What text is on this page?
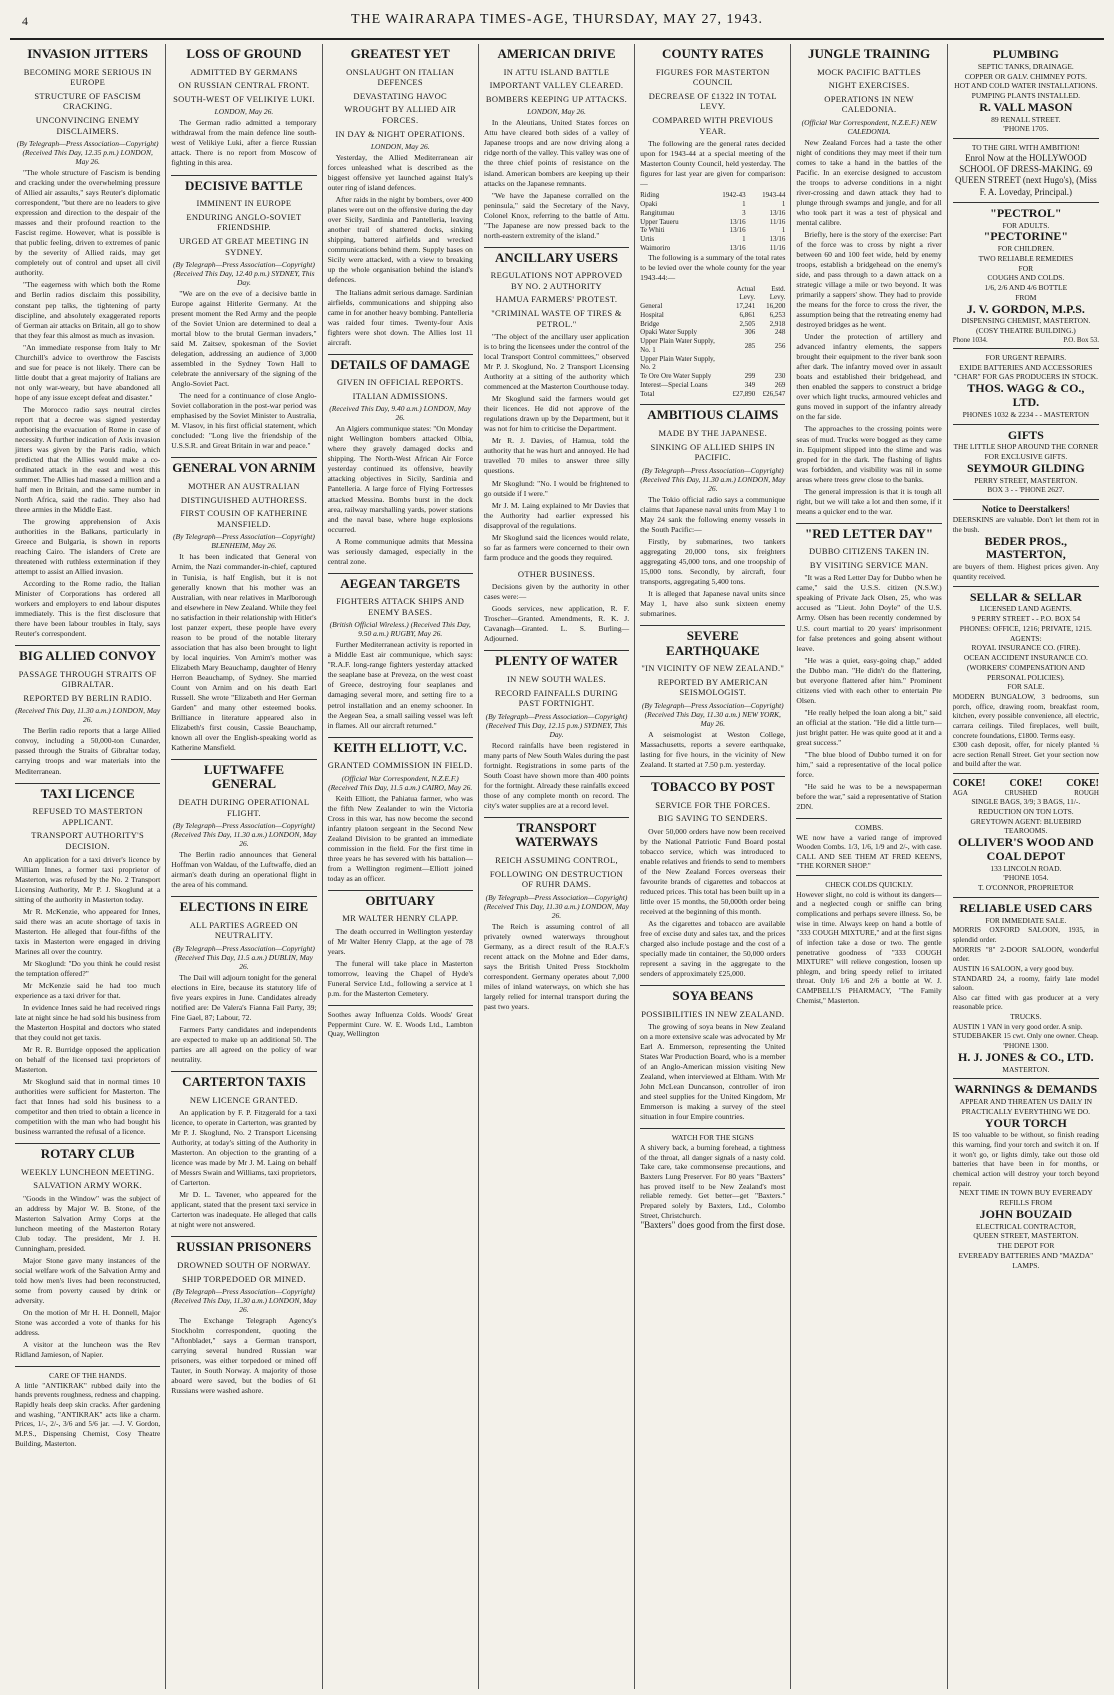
4	THE WAIRARAPA TIMES-AGE, THURSDAY, MAY 27, 1943.
INVASION JITTERS
BECOMING MORE SERIOUS IN EUROPE
STRUCTURE OF FASCISM CRACKING.
UNCONVINCING ENEMY DISCLAIMERS.
(By Telegraph—Press Association—Copyright) (Received This Day, 12.35 p.m.) LONDON, May 26.

"The whole structure of Fascism is bending and cracking under the overwhelming pressure of Allied air assaults," says Reuter's diplomatic correspondent, "but there are no leaders to give expression and direction to the despair of the masses and their profound reaction to the Fascist regime. However, what is possible is that public feeling, driven to extremes of panic by the severity of Allied raids, may get completely out of control and upset all civil authority.

"The eagerness with which both the Rome and Berlin radios disclaim this possibility, constant pep talks, the tightening of party discipline, and absolutely exaggerated reports of German air attacks on Britain, all go to show that they fear this almost as much as invasion.

"An immediate response from Italy to Mr Churchill's advice to overthrow the Fascists and sue for peace is not likely. There can be little doubt that a great majority of Italians are not only war-weary, but have abandoned all hope of any issue except defeat and disaster."

The Morocco radio says neutral circles report that a decree was signed yesterday authorising the evacuation of Rome in case of necessity. A further indication of Axis invasion jitters was given by the Paris radio, which predicted that the Allies would make a co-ordinated attack in the east and west this summer. The Allies had massed a million and a half men in Britain, and the same number in North Africa, said the radio. They also had three armies in the Middle East.

The growing apprehension of Axis authorities in the Balkans, particularly in Greece and Bulgaria, is shown in reports reaching Cairo. The islanders of Crete are threatened with ruthless extermination if they attempt to assist an Allied invasion.

According to the Rome radio, the Italian Minister of Corporations has ordered all workers and employers to end labour disputes immediately. This is the first disclosure that there have been labour troubles in Italy, says Reuter's correspondent.

BIG ALLIED CONVOY
PASSAGE THROUGH STRAITS OF GIBRALTAR.
REPORTED BY BERLIN RADIO.
(Received This Day, 11.30 a.m.) LONDON, May 26.

The Berlin radio reports that a large Allied convoy, including a 50,000-ton Cunarder, passed through the Straits of Gibraltar today, carrying troops and war materials into the Mediterranean.

TAXI LICENCE
REFUSED TO MASTERTON APPLICANT.
TRANSPORT AUTHORITY'S DECISION.

An application for a taxi driver's licence by William Innes, a former taxi proprietor of Masterton, was refused by the No. 2 Transport Licensing Authority, Mr P. J. Skoglund at a sitting of the authority in Masterton today.

Mr R. McKenzie, who appeared for Innes, said there was an acute shortage of taxis in Masterton. He alleged that four-fifths of the taxis in Masterton were engaged in driving Marines all over the country.

Mr Skoglund: "Do you think he could resist the temptation offered?"

Mr McKenzie said he had too much experience as a taxi driver for that.

In evidence Innes said he had received rings late at night since he had sold his business from the Masterton Hospital and doctors who stated that they could not get taxis.

Mr R. R. Burridge opposed the application on behalf of the licensed taxi proprietors of Masterton.

Mr Skoglund said that in normal times 10 authorities were sufficient for Masterton. The fact that Innes had sold his business to a competitor and then tried to obtain a licence in competition with the man who had bought his business warranted the refusal of a licence.

ROTARY CLUB
WEEKLY LUNCHEON MEETING.
SALVATION ARMY WORK.

"Goods in the Window" was the subject of an address by Major W. B. Stone, of the Masterton Salvation Army Corps at the luncheon meeting of the Masterton Rotary Club today. The president, Mr J. H. Cunningham, presided.

Major Stone gave many instances of the social welfare work of the Salvation Army and told how men's lives had been reconstructed, some from poverty caused by drink or adversity.

On the motion of Mr H. H. Donnell, Major Stone was accorded a vote of thanks for his address.

A visitor at the luncheon was the Rev Ridland Jamieson, of Napier.

CARE OF THE HANDS.
A little "ANTIKRAK" rubbed daily into the hands prevents roughness, redness and chapping. Rapidly heals deep skin cracks. After gardening and washing, "ANTIKRAK" acts like a charm. Prices, 1/-, 2/-, 3/6 and 5/6 jar. —J. V. Gordon, M.P.S., Dispensing Chemist, Cosy Theatre Building, Masterton.
LOSS OF GROUND
ADMITTED BY GERMANS
ON RUSSIAN CENTRAL FRONT.
SOUTH-WEST OF VELIKIYE LUKI.
LONDON, May 26.

The German radio admitted a temporary withdrawal from the main defence line south-west of Velikiye Luki, after a fierce Russian attack. There is no report from Moscow of fighting in this area.

DECISIVE BATTLE
IMMINENT IN EUROPE
ENDURING ANGLO-SOVIET FRIENDSHIP.
URGED AT GREAT MEETING IN SYDNEY.
(By Telegraph—Press Association—Copyright) (Received This Day, 12.40 p.m.) SYDNEY, This Day.

"We are on the eve of a decisive battle in Europe against Hitlerite Germany. At the present moment the Red Army and the people of the Soviet Union are determined to deal a mortal blow to the brutal German invaders," said M. Zaitsev, spokesman of the Soviet delegation, addressing an audience of 3,000 assembled in the Sydney Town Hall to celebrate the anniversary of the signing of the Anglo-Soviet Pact.

The need for a continuance of close Anglo-Soviet collaboration in the post-war period was emphasised by the Soviet Minister to Australia, M. Vlasov, in his first official statement, which concluded: "Long live the friendship of the U.S.S.R. and Great Britain in war and peace."

GENERAL VON ARNIM
MOTHER AN AUSTRALIAN
DISTINGUISHED AUTHORESS.
FIRST COUSIN OF KATHERINE MANSFIELD.
(By Telegraph—Press Association—Copyright) BLENHEIM, May 26.

It has been indicated that General von Arnim, the Nazi commander-in-chief, captured in Tunisia, is half English, but it is not generally known that his mother was an Australian, with near relatives in Marlborough and elsewhere in New Zealand. While they feel no satisfaction in their relationship with Hitler's lost panzer expert, these people have every reason to be proud of the notable literary association that has also been brought to light by local inquiries. Von Arnim's mother was Elizabeth Mary Beauchamp, daughter of Henry Herron Beauchamp, of Sydney. She married Count von Arnim and on his death Earl Russell. She wrote "Elizabeth and Her German Garden" and many other esteemed books. Brilliance in literature appeared also in Elizabeth's first cousin, Cassie Beauchamp, known all over the English-speaking world as Katherine Mansfield.

LUFTWAFFE GENERAL
DEATH DURING OPERATIONAL FLIGHT.
(By Telegraph—Press Association—Copyright) (Received This Day, 11.30 a.m.) LONDON, May 26.

The Berlin radio announces that General Hoffman von Waldau, of the Luftwaffe, died an airman's death during an operational flight in the area of his command.

ELECTIONS IN EIRE
ALL PARTIES AGREED ON NEUTRALITY.
(By Telegraph—Press Association—Copyright) (Received This Day, 11.5 a.m.) DUBLIN, May 26.

The Dail will adjourn tonight for the general elections in Eire, because its statutory life of five years expires in June. Candidates already notified are: De Valera's Fianna Fail Party, 39; Fine Gael, 87; Labour, 72.

Farmers Party candidates and independents are expected to make up an additional 50. The parties are all agreed on the policy of war neutrality.

CARTERTON TAXIS
NEW LICENCE GRANTED.

An application by F. P. Fitzgerald for a taxi licence, to operate in Carterton, was granted by Mr P. J. Skoglund, No. 2 Transport Licensing Authority, at today's sitting of the Authority in Masterton. An objection to the granting of a licence was made by Mr J. M. Laing on behalf of Messrs Swain and Williams, taxi proprietors, of Carterton.

Mr D. L. Tavener, who appeared for the applicant, stated that the present taxi service in Carterton was inadequate. He alleged that calls at night were not answered.

RUSSIAN PRISONERS
DROWNED SOUTH OF NORWAY.
SHIP TORPEDOED OR MINED.
(By Telegraph—Press Association—Copyright) (Received This Day, 11.30 a.m.) LONDON, May 26.

The Exchange Telegraph Agency's Stockholm correspondent, quoting the "Aftonbladet," says a German transport, carrying several hundred Russian war prisoners, was either torpedoed or mined off Tauter, in South Norway. A majority of those aboard were saved, but the bodies of 61 Russians were washed ashore.

GREATEST YET
ONSLAUGHT ON ITALIAN DEFENCES
DEVASTATING HAVOC
WROUGHT BY ALLIED AIR FORCES.
IN DAY & NIGHT OPERATIONS.
LONDON, May 26.

Yesterday, the Allied Mediterranean air forces unleashed what is described as the biggest offensive yet launched against Italy's outer ring of island defences.

After raids in the night by bombers, over 400 planes were out on the offensive during the day over Sicily, Sardinia and Pantelleria, leaving another trail of shattered docks, sinking shipping, battered airfields and wrecked communications behind them. Supply bases on Sicily were attacked, with a view to breaking up the whole organisation behind the island's defences.

The Italians admit serious damage. Sardinian airfields, communications and shipping also came in for another heavy bombing. Pantelleria was raided four times. Twenty-four Axis fighters were shot down. The Allies lost 11 aircraft.

DETAILS OF DAMAGE
GIVEN IN OFFICIAL REPORTS.
ITALIAN ADMISSIONS.
(Received This Day, 9.40 a.m.) LONDON, May 26.

An Algiers communique states: "On Monday night Wellington bombers attacked Olbia, where they gravely damaged docks and shipping. The North-West African Air Force yesterday continued its offensive, heavily attacking objectives in Sicily, Sardinia and Pantelleria. A large force of Flying Fortresses attacked Messina. Bombs burst in the dock area, railway marshalling yards, power stations and the naval base, where huge explosions occurred.

A Rome communique admits that Messina was seriously damaged, especially in the central zone.

AEGEAN TARGETS
FIGHTERS ATTACK SHIPS AND ENEMY BASES.
(British Official Wireless.) (Received This Day, 9.50 a.m.) RUGBY, May 26.

Further Mediterranean activity is reported in a Middle East air communique, which says: "R.A.F. long-range fighters yesterday attacked the seaplane base at Preveza, on the west coast of Greece, destroying four seaplanes and damaging several more, and setting fire to a petrol installation and an enemy schooner. In the Aegean Sea, a small sailing vessel was left in flames. All our aircraft returned."

KEITH ELLIOTT, V.C.
GRANTED COMMISSION IN FIELD.
(Official War Correspondent, N.Z.E.F.) (Received This Day, 11.5 a.m.) CAIRO, May 26.

Keith Elliott, the Pahiatua farmer, who was the fifth New Zealander to win the Victoria Cross in this war, has now become the second infantry platoon sergeant in the Second New Zealand Division to be granted an immediate commission in the field. For the first time in three years he has severed with his battalion—from a Wellington regiment—Elliott joined today as an officer.

OBITUARY
MR WALTER HENRY CLAPP.

The death occurred in Wellington yesterday of Mr Walter Henry Clapp, at the age of 78 years.

The funeral will take place in Masterton tomorrow, leaving the Chapel of Hyde's Funeral Service Ltd., following a service at 1 p.m. for the Masterton Cemetery.

Soothes away Influenza Colds. Woods' Great Peppermint Cure. W. E. Woods Ltd., Lambton Quay, Wellington
AMERICAN DRIVE
IN ATTU ISLAND BATTLE
IMPORTANT VALLEY CLEARED.
BOMBERS KEEPING UP ATTACKS.
LONDON, May 26.

In the Aleutians, United States forces on Attu have cleared both sides of a valley of Japanese troops and are now driving along a ridge north of the valley. This valley was one of the three chief points of resistance on the island. American bombers are keeping up their attacks on the Japanese remnants.

"We have the Japanese corralled on the peninsula," said the Secretary of the Navy, Colonel Knox, referring to the battle of Attu. "The Japanese are now pressed back to the north-eastern extremity of the island."

ANCILLARY USERS
REGULATIONS NOT APPROVED BY NO. 2 AUTHORITY
HAMUA FARMERS' PROTEST.
"CRIMINAL WASTE OF TIRES & PETROL."

"The object of the ancillary user application is to bring the licensees under the control of the local Transport Control committees," observed Mr P. J. Skoglund, No. 2 Transport Licensing Authority at a sitting of the authority which commenced at the Masterton Courthouse today.

Mr Skoglund said the farmers would get their licences. He did not approve of the regulations drawn up by the Department, but it was not for him to criticise the Department.

Mr R. J. Davies, of Hamua, told the authority that he was hurt and annoyed. He had travelled 70 miles to answer three silly questions.

Mr Skoglund: "No. I would be frightened to go outside if I were."

Mr J. M. Laing explained to Mr Davies that the Authority had earlier expressed his disapproval of the regulations.

Mr Skoglund said the licences would relate, so far as farmers were concerned to their own farm produce and the goods they required.

OTHER BUSINESS.

Decisions given by the authority in other cases were:—

Goods services, new application, R. F. Troscher—Granted. Amendments, R. K. J. Cavanagh—Granted. L. S. Burling—Adjourned.

PLENTY OF WATER
IN NEW SOUTH WALES.
RECORD FAINFALLS DURING PAST FORTNIGHT.
(By Telegraph—Press Association—Copyright) (Received This Day, 12.15 p.m.) SYDNEY, This Day.

Record rainfalls have been registered in many parts of New South Wales during the past fortnight. Registrations in some parts of the South Coast have shown more than 400 points for the fortnight. Already these rainfalls exceed those of any complete month on record. The city's water supplies are at a record level.

TRANSPORT WATERWAYS
REICH ASSUMING CONTROL,
FOLLOWING ON DESTRUCTION OF RUHR DAMS.
(By Telegraph—Press Association—Copyright) (Received This Day, 11.30 a.m.) LONDON, May 26.

The Reich is assuming control of all privately owned waterways throughout Germany, as a direct result of the R.A.F.'s recent attack on the Mohne and Eder dams, says the British United Press Stockholm correspondent. Germany operates about 7,000 miles of inland waterways, on which she has largely relied for internal transport during the past two years.

COUNTY RATES
FIGURES FOR MASTERTON COUNCIL
DECREASE OF £1322 IN TOTAL LEVY.
COMPARED WITH PREVIOUS YEAR.

The following are the general rates decided upon for 1943-44 at a special meeting of the Masterton County Council, held yesterday. The figures for last year are given for comparison:—

Riding	1942-43	1943-44
Opaki	1	1
Rangitumau	3	13/16
Upper Taueru	13/16	11/16
Te Whiti	13/16	1
Urtis	1	13/16
Waimoriro	13/16	11/16

The following is a summary of the total rates to be levied over the whole county for the year 1943-44:—

	Actual Levy.	Estd. Levy.
General	17,241	16,200
Hospital	6,861	6,253
Bridge	2,505	2,918
Opaki Water Supply	306	248
Upper Plain Water Supply, No. 1	285	256
Upper Plain Water Supply, No. 2		
Te Ore Ore Water Supply	299	230
Interest—Special Loans	349	269
Total	£27,890	£26,547
AMBITIOUS CLAIMS
MADE BY THE JAPANESE.
SINKING OF ALLIED SHIPS IN PACIFIC.
(By Telegraph—Press Association—Copyright) (Received This Day, 11.30 a.m.) LONDON, May 26.

The Tokio official radio says a communique claims that Japanese naval units from May 1 to May 24 sank the following enemy vessels in the South Pacific:—

Firstly, by submarines, two tankers aggregating 20,000 tons, six freighters aggregating 45,000 tons, and one troopship of 15,000 tons. Secondly, by aircraft, four transports, aggregating 5,400 tons.

It is alleged that Japanese naval units since May 1, have also sunk sixteen enemy submarines.

SEVERE EARTHQUAKE
"IN VICINITY OF NEW ZEALAND."
REPORTED BY AMERICAN SEISMOLOGIST.
(By Telegraph—Press Association—Copyright) (Received This Day, 11.30 a.m.) NEW YORK, May 26.

A seismologist at Weston College, Massachusetts, reports a severe earthquake, lasting for five hours, in the vicinity of New Zealand. It started at 7.50 p.m. yesterday.

TOBACCO BY POST
SERVICE FOR THE FORCES.
BIG SAVING TO SENDERS.

Over 50,000 orders have now been received by the National Patriotic Fund Board postal tobacco service, which was introduced to enable relatives and friends to send to members of the New Zealand Forces overseas their favourite brands of cigarettes and tobaccos at reduced prices. This total has been built up in a little over 15 months, the 50,000th order being received at the beginning of this month.

As the cigarettes and tobacco are available free of excise duty and sales tax, and the prices charged also include postage and the cost of a specially made tin container, the 50,000 orders represent a saving in the aggregate to the senders of approximately £25,000.

SOYA BEANS
POSSIBILITIES IN NEW ZEALAND.

The growing of soya beans in New Zealand on a more extensive scale was advocated by Mr Earl A. Emmerson, representing the United States War Production Board, who is a member of an Anglo-American mission visiting New Zealand, when interviewed at Eltham. With Mr John McLean Duncanson, controller of iron and steel supplies for the United Kingdom, Mr Emmerson is making a survey of the steel situation in four Empire countries.

WATCH FOR THE SIGNS
A shivery back, a burning forehead, a tightness of the throat, all danger signals of a nasty cold. Take care, take commonsense precautions, and Baxters Lung Preserver. For 80 years "Baxters" has proved itself to be New Zealand's most reliable remedy. Get better—get "Baxters." Prepared solely by Baxters, Ltd., Colombo Street, Christchurch.
"Baxters" does good from the first dose.
JUNGLE TRAINING
MOCK PACIFIC BATTLES
NIGHT EXERCISES.
OPERATIONS IN NEW CALEDONIA.
(Official War Correspondent, N.Z.E.F.) NEW CALEDONIA.

New Zealand Forces had a taste the other night of conditions they may meet if their turn comes to take a hand in the battles of the Pacific. In an exercise designed to accustom the troops to adverse conditions in a night river-crossing and dawn attack they had to plunge through swamps and jungle, and for all who took part it was a test of physical and mental calibre.

Briefly, here is the story of the exercise: Part of the force was to cross by night a river between 60 and 100 feet wide, held by enemy troops, establish a bridgehead on the enemy's side, and pass through to a dawn attack on a strategic village a mile or two beyond. It was primarily a sappers' show. They had to provide the means for the force to cross the river, the assumption being that the retreating enemy had destroyed bridges as he went.

Under the protection of artillery and advanced infantry elements, the sappers brought their equipment to the river bank soon after dark. The infantry moved over in assault boats and established their bridgehead, and then enabled the sappers to construct a bridge over which light trucks, armoured vehicles and guns moved in support of the infantry already on the far side.

The approaches to the crossing points were seas of mud. Trucks were bogged as they came in. Equipment slipped into the slime and was groped for in the dark. The flashing of lights was forbidden, and visibility was nil in some areas where trees grew close to the banks.

The general impression is that it is tough all right, but we will take a lot and then some, if it means a quicker end to the war.

"RED LETTER DAY"
DUBBO CITIZENS TAKEN IN.
BY VISITING SERVICE MAN.

"It was a Red Letter Day for Dubbo when he came," said the U.S.S. citizen (N.S.W.) speaking of Private Jack Olsen, 25, who was accused as "Lieut. John Doyle" of the U.S. Army. Olsen has been recently condemned by U.S. court martial to 20 years' imprisonment for false pretences and going absent without leave.

"He was a quiet, easy-going chap," added the Dubbo man. "He didn't do the flattering, but everyone flattered after him." Prominent citizens vied with each other to entertain Pte Olsen.

"He really helped the loan along a bit," said an official at the station. "He did a little turn—just bright patter. He was quite good at it and a great success."

"The blue blood of Dubbo turned it on for him," said a representative of the local police force.

"He said he was to be a newspaperman before the war," said a representative of Station 2DN.

COMBS.
WE now have a varied range of improved Wooden Combs. 1/3, 1/6, 1/9 and 2/-, with case. CALL AND SEE THEM AT FRED KEEN'S, "THE KORNER SHOP."
CHECK COLDS QUICKLY.
However slight, no cold is without its dangers—and a neglected cough or sniffle can bring complications and perhaps severe illness. So, be wise in time. Always keep on hand a bottle of "333 COUGH MIXTURE," and at the first signs of infection take a dose or two. The gentle penetrative goodness of "333 COUGH MIXTURE" will relieve congestion, loosen up phlegm, and bring speedy relief to irritated throat. Only 1/6 and 2/6 a bottle at W. J. CAMPBELL'S PHARMACY, "The Family Chemist," Masterton.
PLUMBING
SEPTIC TANKS, DRAINAGE.
COPPER OR GALV. CHIMNEY POTS.
HOT AND COLD WATER INSTALLATIONS.
PUMPING PLANTS INSTALLED.
R. VALL MASON
89 RENALL STREET.
'PHONE 1705.
TO THE GIRL WITH AMBITION!
Enrol Now at the HOLLYWOOD SCHOOL OF DRESS-MAKING. 69 QUEEN STREET (next Hugo's), (Miss F. A. Loveday, Principal.)
"PECTROL"
FOR ADULTS.
"PECTORINE"
FOR CHILDREN.
TWO RELIABLE REMEDIES
FOR
COUGHS AND COLDS.
1/6, 2/6 AND 4/6 BOTTLE
FROM
J. V. GORDON, M.P.S.
DISPENSING CHEMIST, MASTERTON.
(COSY THEATRE BUILDING.)
Phone 1034.	P.O. Box 53.
FOR URGENT REPAIRS.
EXIDE BATTERIES AND ACCESSORIES
"CHAR" FOR GAS PRODUCERS IN STOCK.
THOS. WAGG & CO., LTD.
PHONES 1032 & 2234 - - MASTERTON
GIFTS
THE LITTLE SHOP AROUND THE CORNER
FOR EXCLUSIVE GIFTS.
SEYMOUR GILDING
PERRY STREET, MASTERTON.
BOX 3 - - 'PHONE 2627.
Notice to Deerstalkers!
DEERSKINS are valuable. Don't let them rot in the bush.
BEDER PROS., MASTERTON,
are buyers of them. Highest prices given. Any quantity received.
SELLAR & SELLAR
LICENSED LAND AGENTS.
9 PERRY STREET - - P.O. BOX 54
PHONES: OFFICE, 1216; PRIVATE, 1215.
AGENTS:
ROYAL INSURANCE CO. (FIRE).
OCEAN ACCIDENT INSURANCE CO.
(WORKERS' COMPENSATION AND PERSONAL POLICIES).
FOR SALE.
MODERN BUNGALOW, 3 bedrooms, sun porch, office, drawing room, breakfast room, kitchen, every possible convenience, all electric, carrara ceilings. Tiled fireplaces, well built, concrete foundations, £1800. Terms easy.
£300 cash deposit, offer, for nicely planted ¼ acre section Renall Street. Get your section now and build after the war.
COKE! COKE! COKE!
AGA	CRUSHED	ROUGH
SINGLE BAGS, 3/9; 3 BAGS, 11/-.
REDUCTION ON TON LOTS.
GREYTOWN AGENT: BLUEBIRD TEAROOMS.
OLLIVER'S WOOD AND COAL DEPOT
133 LINCOLN ROAD.
'PHONE 1054.
T. O'CONNOR, PROPRIETOR
RELIABLE USED CARS
FOR IMMEDIATE SALE.
MORRIS OXFORD SALOON, 1935, in splendid order.
MORRIS "8" 2-DOOR SALOON, wonderful order.
AUSTIN 16 SALOON, a very good buy.
STANDARD 24, a roomy, fairly late model saloon.
Also car fitted with gas producer at a very reasonable price.
TRUCKS.
AUSTIN 1 VAN in very good order. A snip.
STUDEBAKER 15 cwt. Only one owner. Cheap.
'PHONE 1300.
H. J. JONES & CO., LTD.
MASTERTON.
WARNINGS & DEMANDS
APPEAR AND THREATEN US DAILY IN PRACTICALLY EVERYTHING WE DO.
YOUR TORCH
IS too valuable to be without, so finish reading this warning, find your torch and switch it on. If it won't go, or lights dimly, take out those old batteries that have been in for months, or chemical action will destroy your torch beyond repair.
NEXT TIME IN TOWN BUY EVEREADY REFILLS FROM
JOHN BOUZAID
ELECTRICAL CONTRACTOR,
QUEEN STREET, MASTERTON.
THE DEPOT FOR
EVEREADY BATTERIES AND "MAZDA" LAMPS.
